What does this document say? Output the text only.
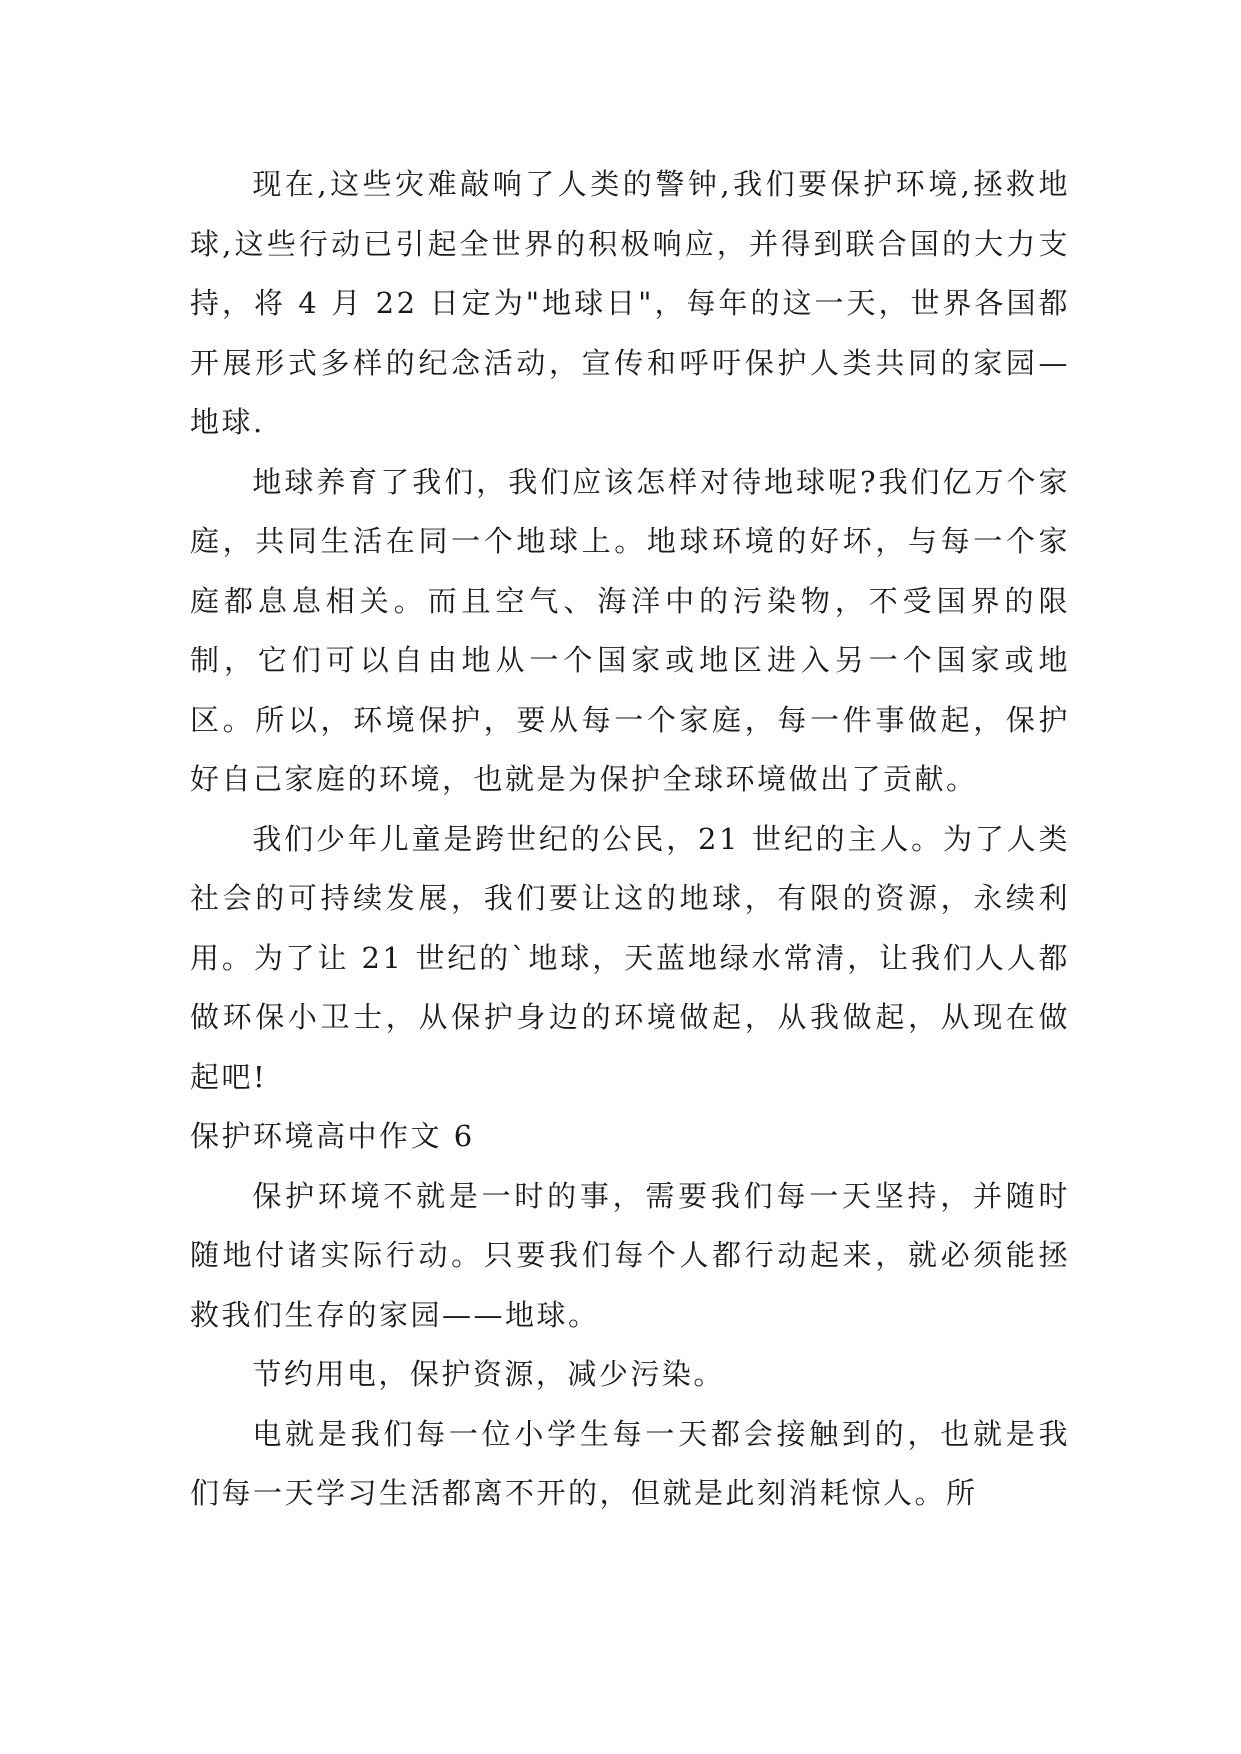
现在,这些灾难敲响了人类的警钟,我们要保护环境,拯救地球,这些行动已引起全世界的积极响应，并得到联合国的大力支持，将 4 月 22 日定为"地球日"，每年的这一天，世界各国都开展形式多样的纪念活动，宣传和呼吁保护人类共同的家园—地球.

地球养育了我们，我们应该怎样对待地球呢?我们亿万个家庭，共同生活在同一个地球上。地球环境的好坏，与每一个家庭都息息相关。而且空气、海洋中的污染物，不受国界的限制，它们可以自由地从一个国家或地区进入另一个国家或地区。所以，环境保护，要从每一个家庭，每一件事做起，保护好自己家庭的环境，也就是为保护全球环境做出了贡献。

我们少年儿童是跨世纪的公民，21 世纪的主人。为了人类社会的可持续发展，我们要让这的地球，有限的资源，永续利用。为了让 21 世纪的`地球，天蓝地绿水常清，让我们人人都做环保小卫士，从保护身边的环境做起，从我做起，从现在做起吧!

保护环境高中作文 6

保护环境不就是一时的事，需要我们每一天坚持，并随时随地付诸实际行动。只要我们每个人都行动起来，就必须能拯救我们生存的家园——地球。

节约用电，保护资源，减少污染。

电就是我们每一位小学生每一天都会接触到的，也就是我们每一天学习生活都离不开的，但就是此刻消耗惊人。所
